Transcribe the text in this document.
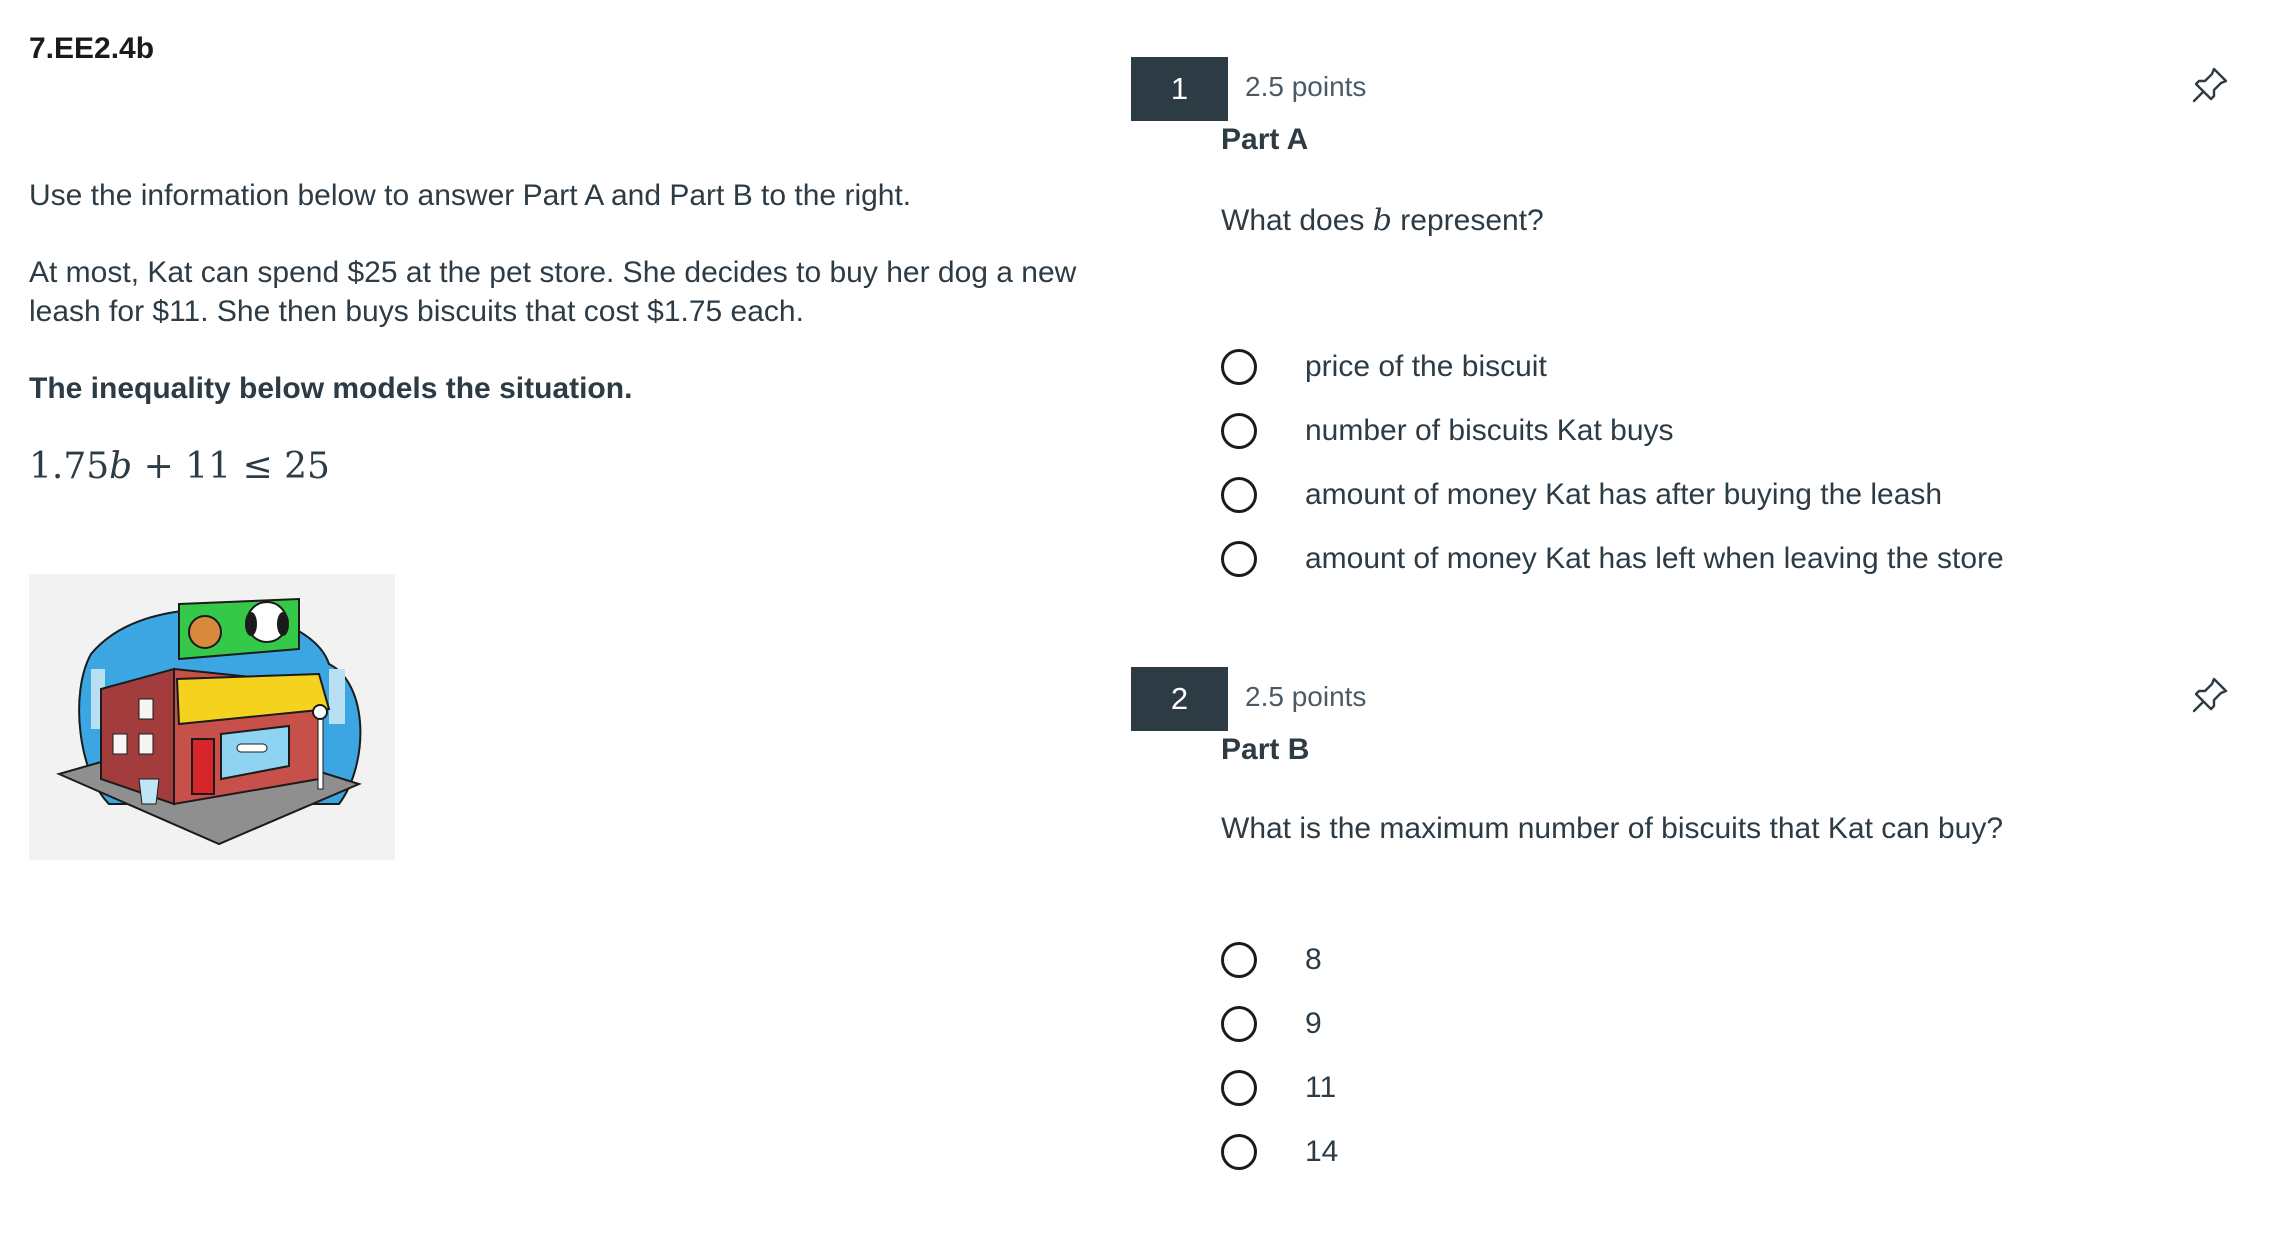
7.EE2.4b
Use the information below to answer Part A and Part B to the right.
At most, Kat can spend $25 at the pet store. She decides to buy her dog a new leash for $11. She then buys biscuits that cost $1.75 each.
The inequality below models the situation.
1.75b + 11 ≤ 25
1	2.5 points
Part A
What does b represent?
price of the biscuit
number of biscuits Kat buys
amount of money Kat has after buying the leash
amount of money Kat has left when leaving the store
2	2.5 points
Part B
What is the maximum number of biscuits that Kat can buy?
8
9
11
14
